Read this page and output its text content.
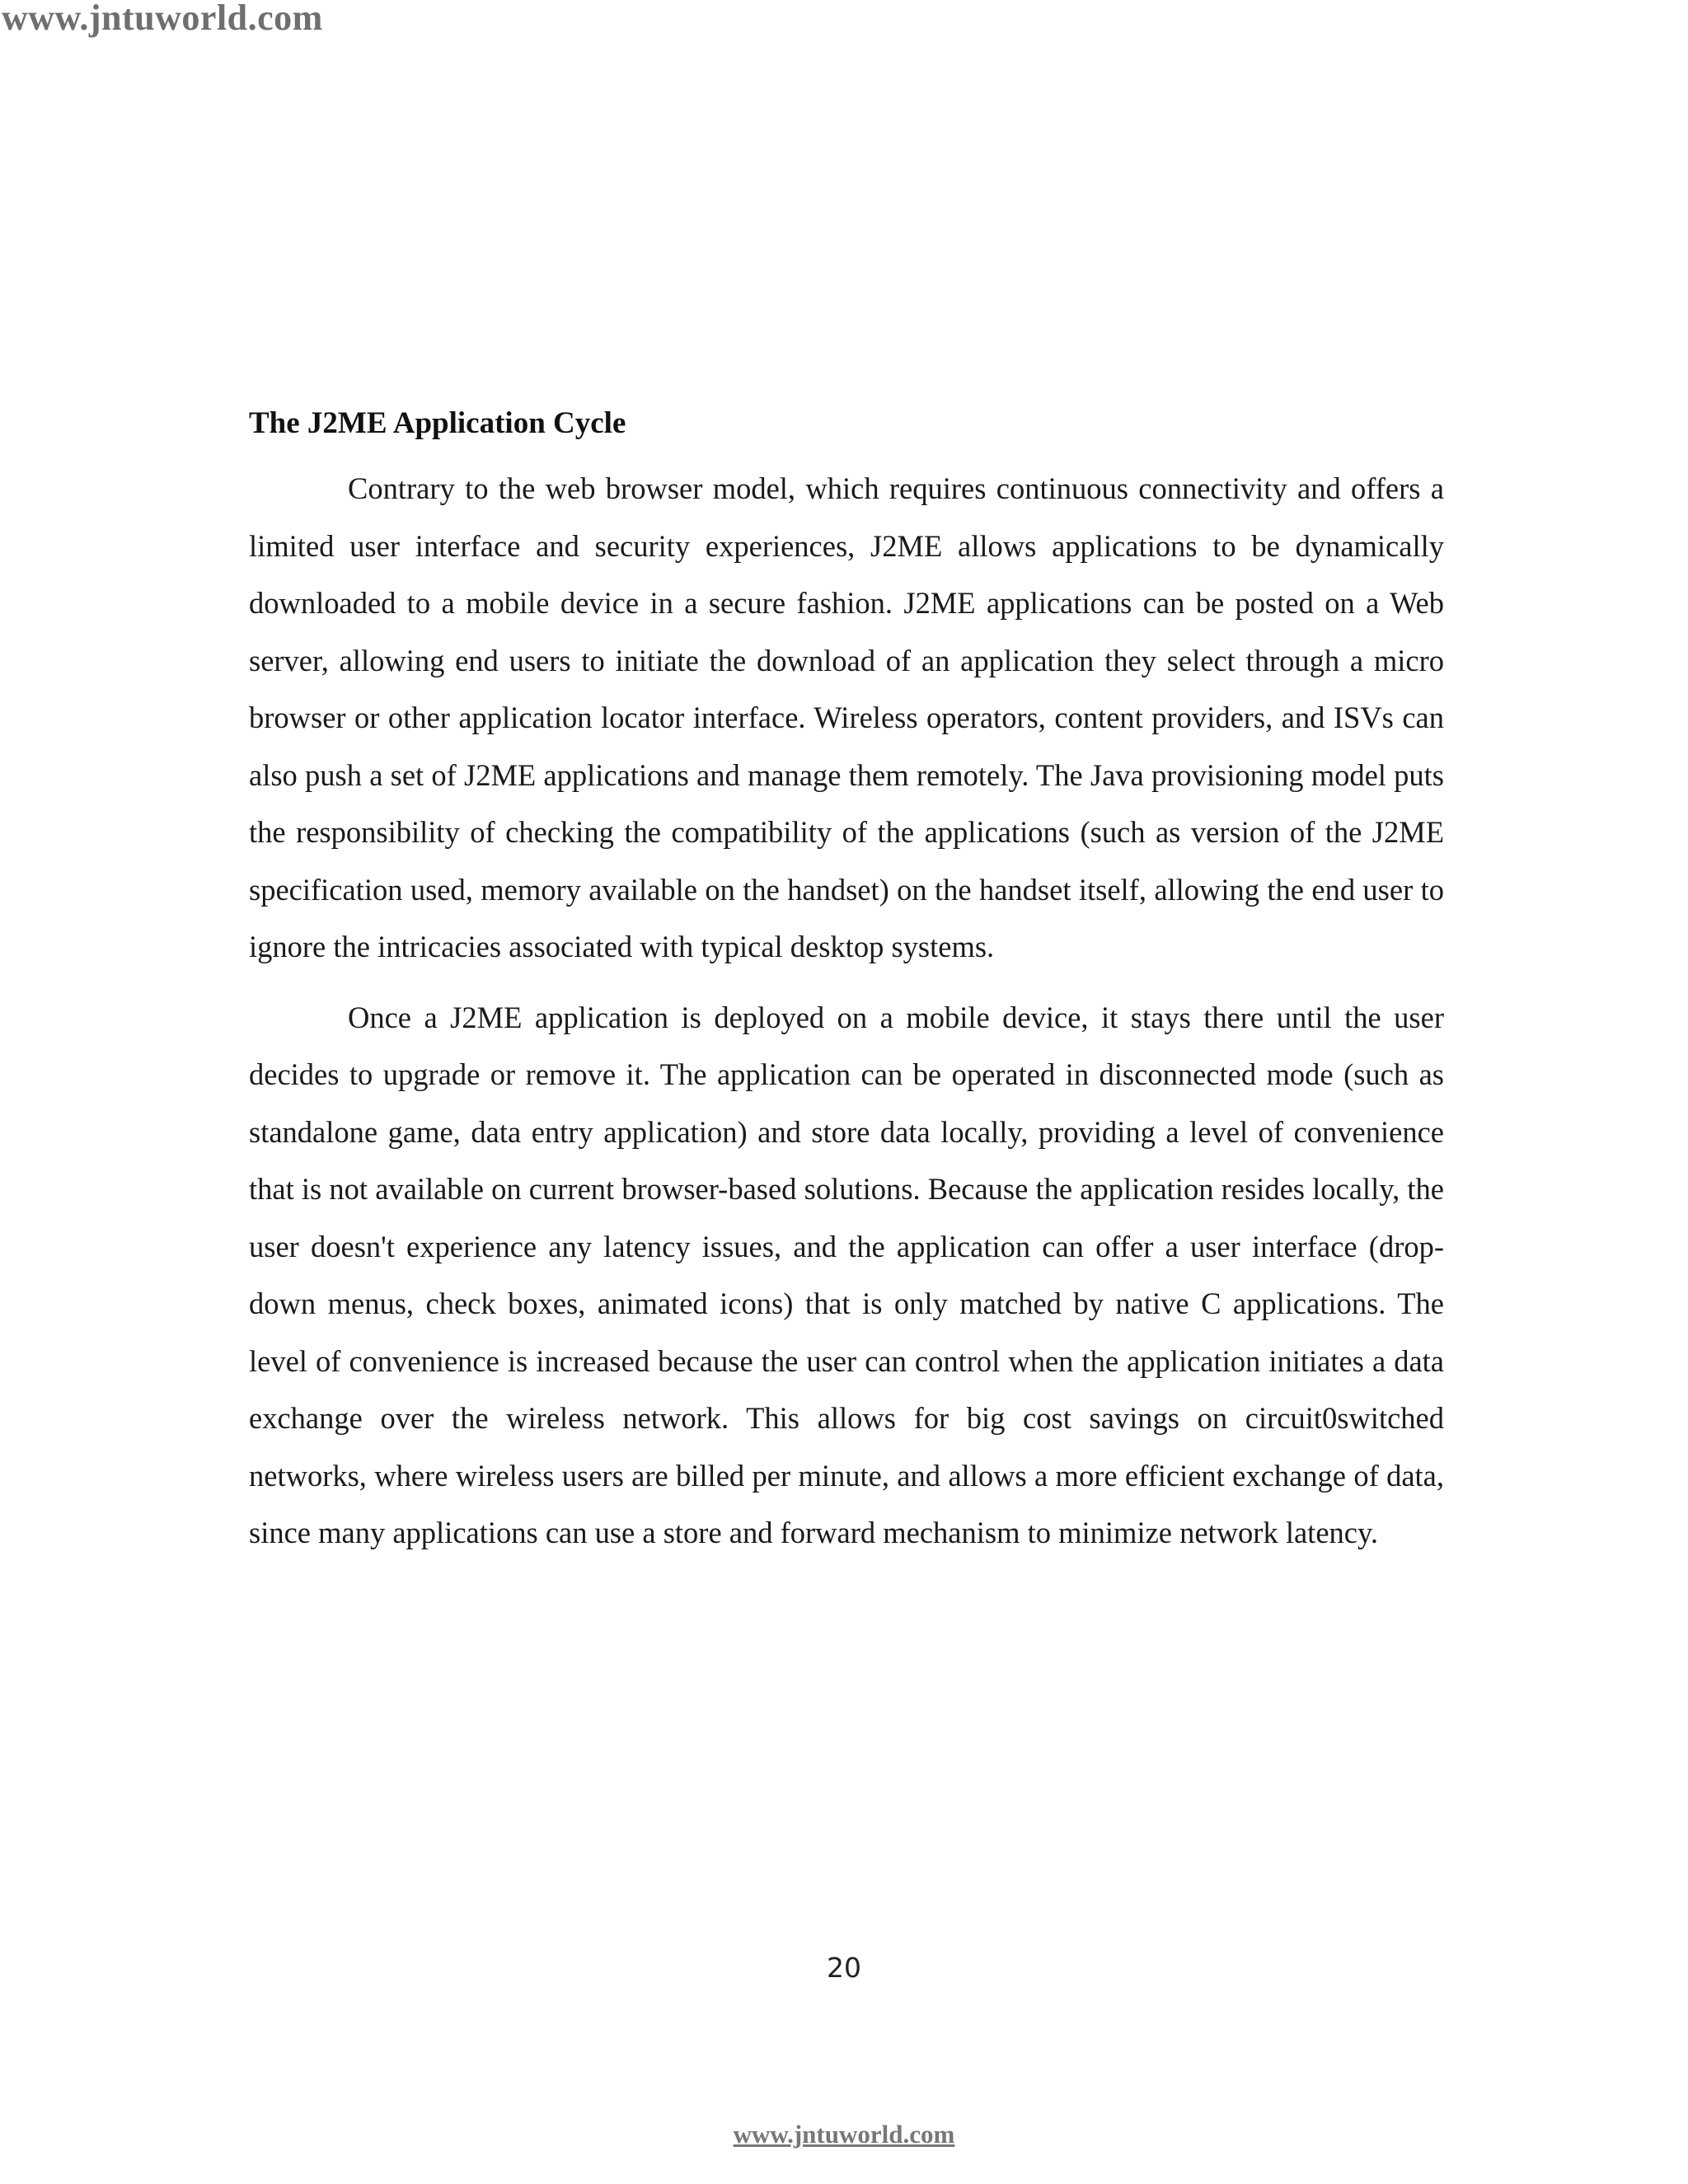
www.jntuworld.com
The J2ME Application Cycle

Contrary to the web browser model, which requires continuous connectivity and offers a limited user interface and security experiences, J2ME allows applications to be dynamically downloaded to a mobile device in a secure fashion. J2ME applications can be posted on a Web server, allowing end users to initiate the download of an application they select through a micro browser or other application locator interface. Wireless operators, content providers, and ISVs can also push a set of J2ME applications and manage them remotely. The Java provisioning model puts the responsibility of checking the compatibility of the applications (such as version of the J2ME specification used, memory available on the handset) on the handset itself, allowing the end user to ignore the intricacies associated with typical desktop systems.

Once a J2ME application is deployed on a mobile device, it stays there until the user decides to upgrade or remove it. The application can be operated in disconnected mode (such as standalone game, data entry application) and store data locally, providing a level of convenience that is not available on current browser-based solutions. Because the application resides locally, the user doesn't experience any latency issues, and the application can offer a user interface (drop-down menus, check boxes, animated icons) that is only matched by native C applications. The level of convenience is increased because the user can control when the application initiates a data exchange over the wireless network. This allows for big cost savings on circuit0switched networks, where wireless users are billed per minute, and allows a more efficient exchange of data, since many applications can use a store and forward mechanism to minimize network latency.

20
www.jntuworld.com
